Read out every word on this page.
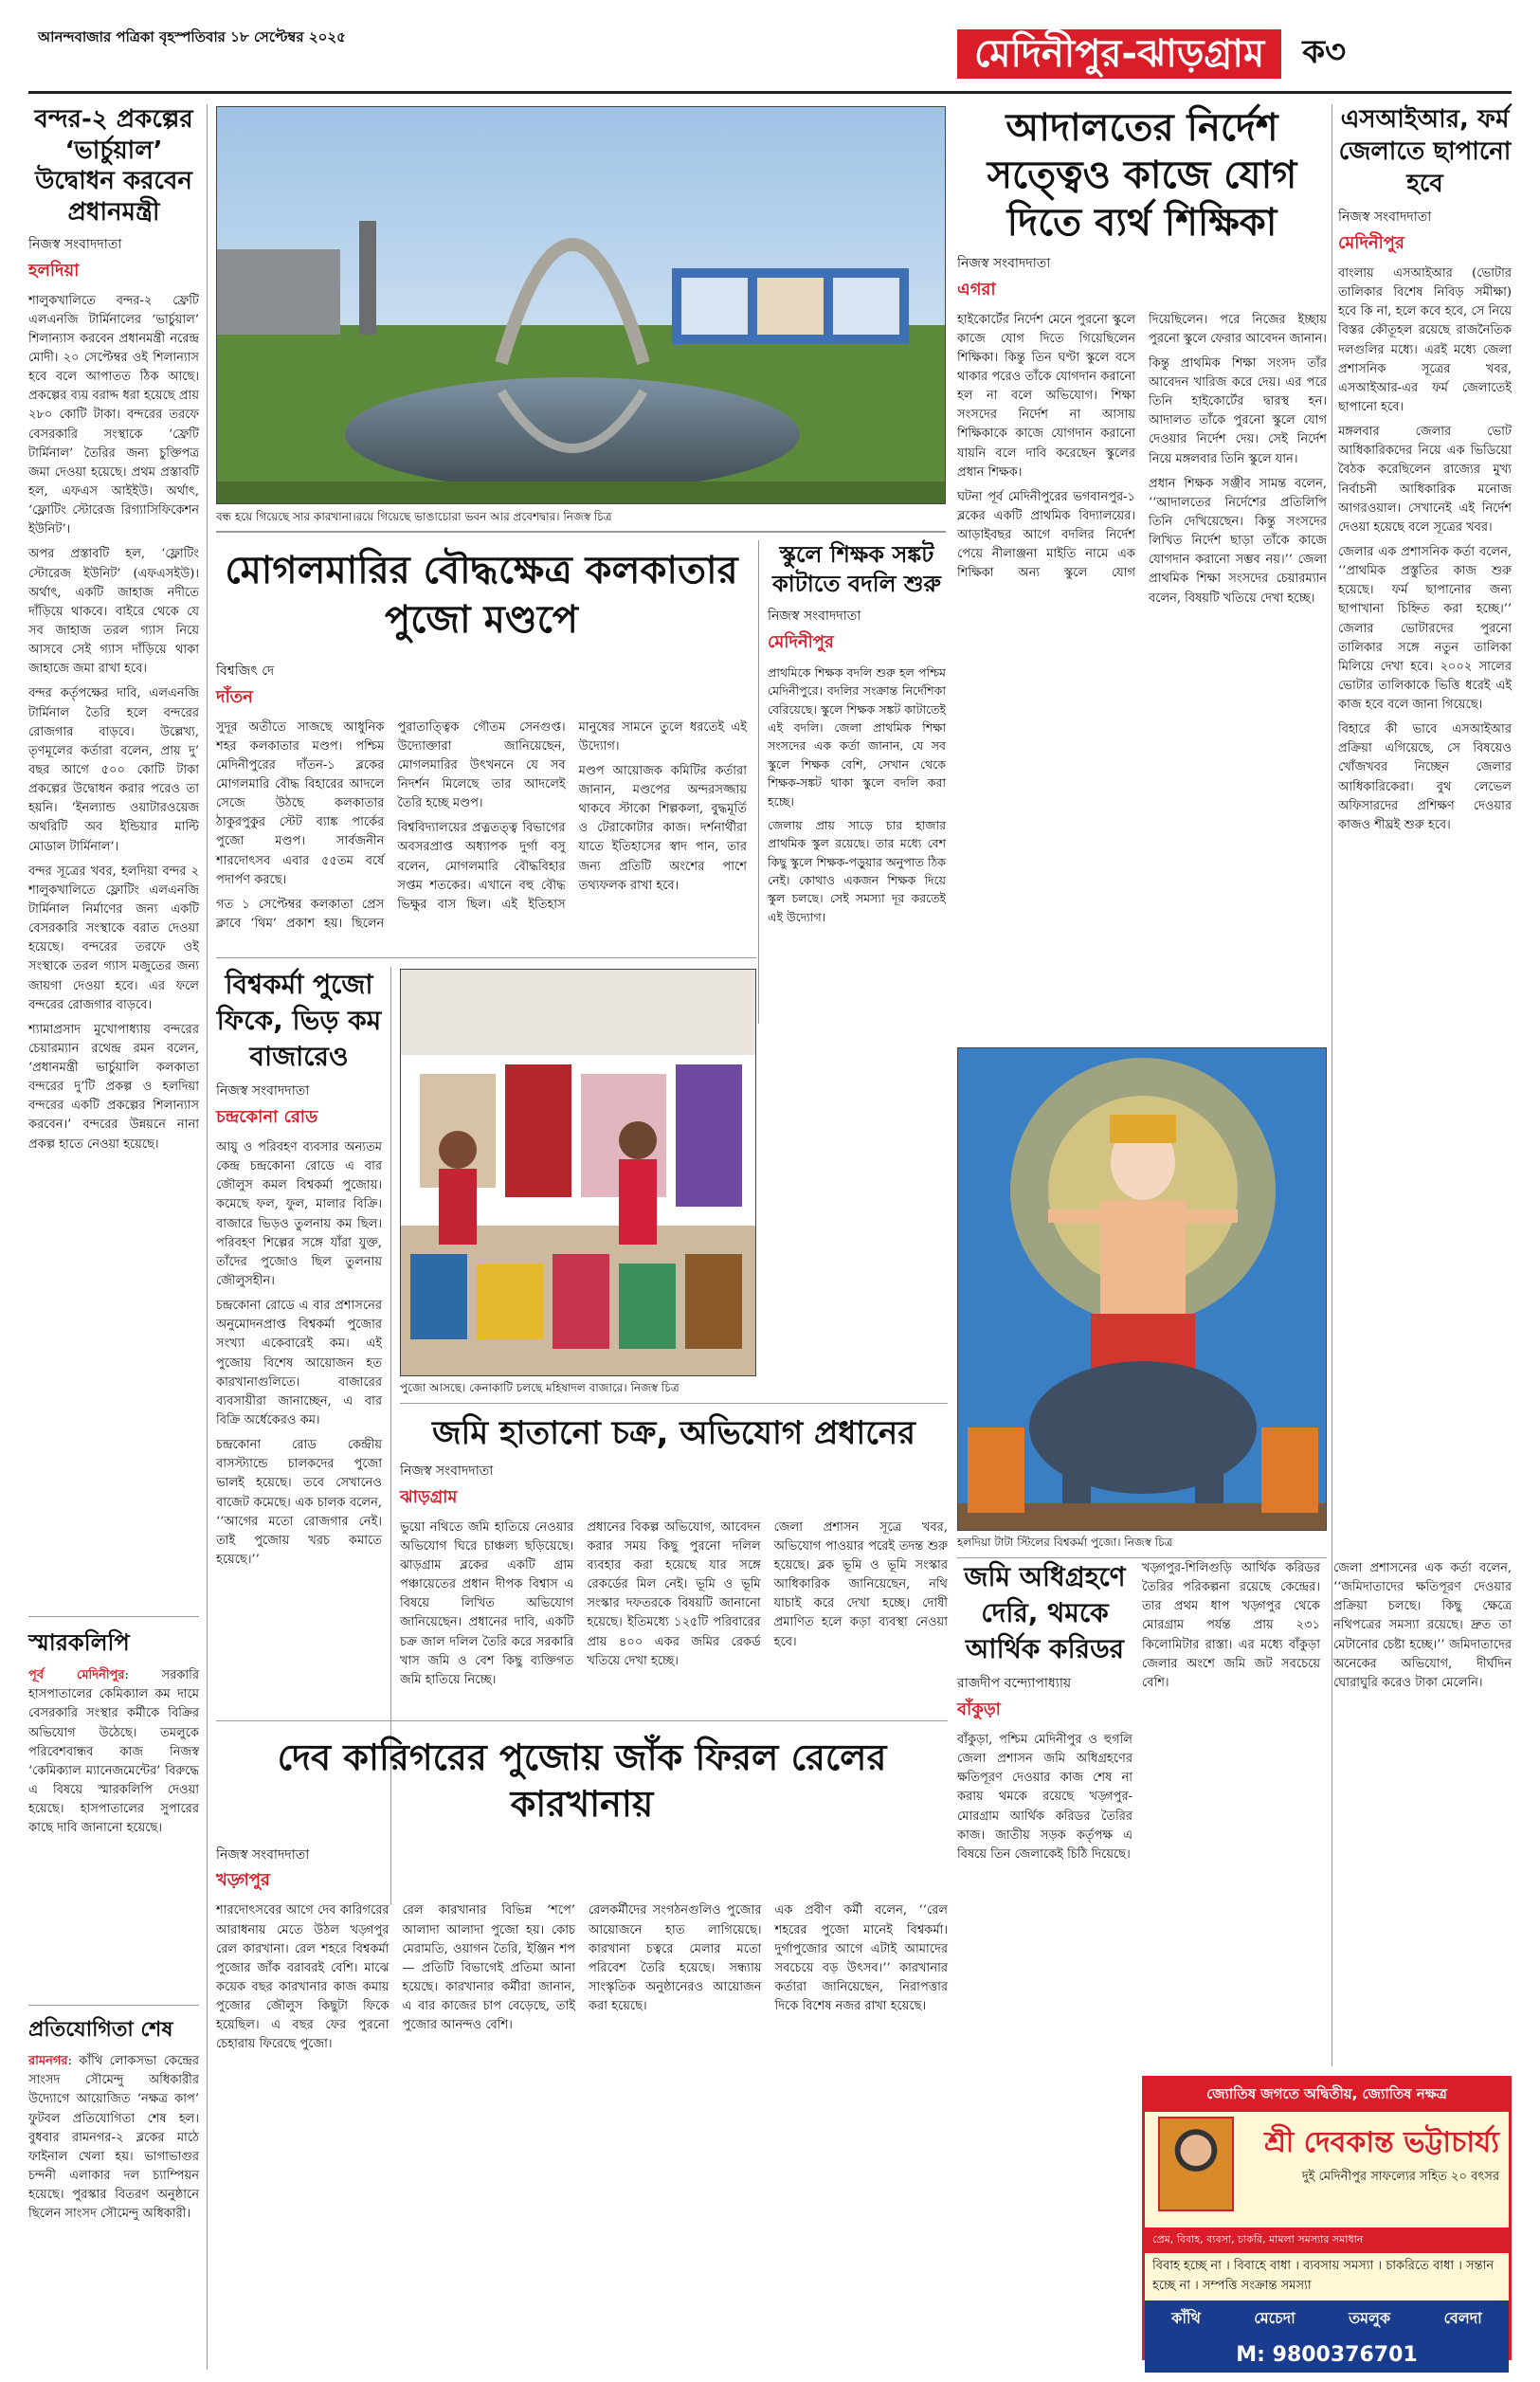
আনন্দবাজার পত্রিকা বৃহস্পতিবার ১৮ সেপ্টেম্বর ২০২৫	মেদিনীপুর-ঝাড়গ্রাম	ক৩
বন্দর-২ প্রকল্পের ‘ভার্চুয়াল’ উদ্বোধন করবেন প্রধানমন্ত্রী
নিজস্ব সংবাদদাতা
হলদিয়া

শালুকখালিতে বন্দর-২ ফ্রেটি এলএনজি টার্মিনালের ‘ভার্চুয়াল’ শিলান্যাস করবেন প্রধানমন্ত্রী নরেন্দ্র মোদী। ২০ সেপ্টেম্বর ওই শিলান্যাস হবে বলে আপাতত ঠিক আছে। প্রকল্পের ব্যয় বরাদ্দ ধরা হয়েছে প্রায় ২৮০ কোটি টাকা। বন্দরের তরফে বেসরকারি সংস্থাকে ‘ফ্রেটি টার্মিনাল’ তৈরির জন্য চুক্তিপত্র জমা দেওয়া হয়েছে। প্রথম প্রস্তাবটি হল, এফএস আইইউ। অর্থাৎ, ‘ফ্লোটিং স্টোরেজ রিগ্যাসিফিকেশন ইউনিট’।

অপর প্রস্তাবটি হল, ‘ফ্লোটিং স্টোরেজ ইউনিট’ (এফএসইউ)। অর্থাৎ, একটি জাহাজ নদীতে দাঁড়িয়ে থাকবে। বাইরে থেকে যে সব জাহাজ তরল গ্যাস নিয়ে আসবে সেই গ্যাস দাঁড়িয়ে থাকা জাহাজে জমা রাখা হবে।

বন্দর কর্তৃপক্ষের দাবি, এলএনজি টার্মিনাল তৈরি হলে বন্দরের রোজগার বাড়বে। উল্লেখ্য, তৃণমূলের কর্তারা বলেন, প্রায় দু’ বছর আগে ৫০০ কোটি টাকা প্রকল্পের উদ্বোধন করার পরেও তা হয়নি। ‘ইনল্যান্ড ওয়াটারওয়েজ অথরিটি অব ইন্ডিয়ার মাল্টি মোডাল টার্মিনাল’।

বন্দর সূত্রের খবর, হলদিয়া বন্দর ২ শালুকখালিতে ফ্লোটিং এলএনজি টার্মিনাল নির্মাণের জন্য একটি বেসরকারি সংস্থাকে বরাত দেওয়া হয়েছে। বন্দরের তরফে ওই সংস্থাকে তরল গ্যাস মজুতের জন্য জায়গা দেওয়া হবে। এর ফলে বন্দরের রোজগার বাড়বে।

শ্যামাপ্রসাদ মুখোপাধ্যায় বন্দরের চেয়ারম্যান রথেন্দ্র রমন বলেন, ‘প্রধানমন্ত্রী ভার্চুয়ালি কলকাতা বন্দরের দু’টি প্রকল্প ও হলদিয়া বন্দরের একটি প্রকল্পের শিলান্যাস করবেন।’ বন্দরের উন্নয়নে নানা প্রকল্প হাতে নেওয়া হয়েছে।

স্মারকলিপি

পূর্ব মেদিনীপুর: সরকারি হাসপাতালের কেমিক্যাল কম দামে বেসরকারি সংস্থার কর্মীকে বিক্রির অভিযোগ উঠেছে। তমলুকে পরিবেশবান্ধব কাজ নিজস্ব ‘কেমিক্যাল ম্যানেজমেন্টের’ বিরুদ্ধে এ বিষয়ে স্মারকলিপি দেওয়া হয়েছে। হাসপাতালের সুপারের কাছে দাবি জানানো হয়েছে।

প্রতিযোগিতা শেষ

রামনগর: কাঁথি লোকসভা কেন্দ্রের সাংসদ সৌমেন্দু অধিকারীর উদ্যোগে আয়োজিত ‘নক্ষত্র কাপ’ ফুটবল প্রতিযোগিতা শেষ হল। বুধবার রামনগর-২ ব্লকের মাঠে ফাইনাল খেলা হয়। ভাগাভাগুর চন্দনী এলাকার দল চ্যাম্পিয়ন হয়েছে। পুরস্কার বিতরণ অনুষ্ঠানে ছিলেন সাংসদ সৌমেন্দু অধিকারী।

বন্ধ হয়ে গিয়েছে সার কারখানা।রয়ে গিয়েছে ভাঙাচোরা ভবন আর প্রবেশদ্বার। নিজস্ব চিত্র
আদালতের নির্দেশ সত্ত্বেও কাজে যোগ দিতে ব্যর্থ শিক্ষিকা
নিজস্ব সংবাদদাতা
এগরা

হাইকোর্টের নির্দেশ মেনে পুরনো স্কুলে কাজে যোগ দিতে গিয়েছিলেন শিক্ষিকা। কিন্তু তিন ঘণ্টা স্কুলে বসে থাকার পরেও তাঁকে যোগদান করানো হল না বলে অভিযোগ। শিক্ষা সংসদের নির্দেশ না আসায় শিক্ষিকাকে কাজে যোগদান করানো যায়নি বলে দাবি করেছেন স্কুলের প্রধান শিক্ষক।

ঘটনা পূর্ব মেদিনীপুরের ভগবানপুর-১ ব্লকের একটি প্রাথমিক বিদ্যালয়ের। আড়াইবছর আগে বদলির নির্দেশ পেয়ে নীলাঞ্জনা মাইতি নামে এক শিক্ষিকা অন্য স্কুলে যোগ দিয়েছিলেন। পরে নিজের ইচ্ছায় পুরনো স্কুলে ফেরার আবেদন জানান।

কিন্তু প্রাথমিক শিক্ষা সংসদ তাঁর আবেদন খারিজ করে দেয়। এর পরে তিনি হাইকোর্টের দ্বারস্থ হন। আদালত তাঁকে পুরনো স্কুলে যোগ দেওয়ার নির্দেশ দেয়। সেই নির্দেশ নিয়ে মঙ্গলবার তিনি স্কুলে যান।

প্রধান শিক্ষক সঞ্জীব সামন্ত বলেন, ‘‘আদালতের নির্দেশের প্রতিলিপি তিনি দেখিয়েছেন। কিন্তু সংসদের লিখিত নির্দেশ ছাড়া তাঁকে কাজে যোগদান করানো সম্ভব নয়।’’ জেলা প্রাথমিক শিক্ষা সংসদের চেয়ারম্যান বলেন, বিষয়টি খতিয়ে দেখা হচ্ছে।

এসআইআর, ফর্ম জেলাতে ছাপানো হবে
নিজস্ব সংবাদদাতা
মেদিনীপুর

বাংলায় এসআইআর (ভোটার তালিকার বিশেষ নিবিড় সমীক্ষা) হবে কি না, হলে কবে হবে, সে নিয়ে বিস্তর কৌতূহল রয়েছে রাজনৈতিক দলগুলির মধ্যে। এরই মধ্যে জেলা প্রশাসনিক সূত্রের খবর, এসআইআর-এর ফর্ম জেলাতেই ছাপানো হবে।

মঙ্গলবার জেলার ভোট আধিকারিকদের নিয়ে এক ভিডিয়ো বৈঠক করেছিলেন রাজ্যের মুখ্য নির্বাচনী আধিকারিক মনোজ আগরওয়াল। সেখানেই এই নির্দেশ দেওয়া হয়েছে বলে সূত্রের খবর।

জেলার এক প্রশাসনিক কর্তা বলেন, ‘‘প্রাথমিক প্রস্তুতির কাজ শুরু হয়েছে। ফর্ম ছাপানোর জন্য ছাপাখানা চিহ্নিত করা হচ্ছে।’’ জেলার ভোটারদের পুরনো তালিকার সঙ্গে নতুন তালিকা মিলিয়ে দেখা হবে। ২০০২ সালের ভোটার তালিকাকে ভিত্তি ধরেই এই কাজ হবে বলে জানা গিয়েছে।

বিহারে কী ভাবে এসআইআর প্রক্রিয়া এগিয়েছে, সে বিষয়েও খোঁজখবর নিচ্ছেন জেলার আধিকারিকেরা। বুথ লেভেল অফিসারদের প্রশিক্ষণ দেওয়ার কাজও শীঘ্রই শুরু হবে।

মোগলমারির বৌদ্ধক্ষেত্র কলকাতার পুজো মণ্ডপে
বিশ্বজিৎ দে
দাঁতন

সুদূর অতীতে সাজছে আধুনিক শহর কলকাতার মণ্ডপ। পশ্চিম মেদিনীপুরের দাঁতন-১ ব্লকের মোগলমারি বৌদ্ধ বিহারের আদলে সেজে উঠছে কলকাতার ঠাকুরপুকুর স্টেট ব্যাঙ্ক পার্কের পুজো মণ্ডপ। সার্বজনীন শারদোৎসব এবার ৫৫তম বর্ষে পদার্পণ করছে।

গত ১ সেপ্টেম্বর কলকাতা প্রেস ক্লাবে ‘থিম’ প্রকাশ হয়। ছিলেন পুরাতাত্ত্বিক গৌতম সেনগুপ্ত। উদ্যোক্তারা জানিয়েছেন, মোগলমারির উৎখননে যে সব নিদর্শন মিলেছে তার আদলেই তৈরি হচ্ছে মণ্ডপ।

বিশ্ববিদ্যালয়ের প্রত্নতত্ত্ব বিভাগের অবসরপ্রাপ্ত অধ্যাপক দুর্গা বসু বলেন, মোগলমারি বৌদ্ধবিহার সপ্তম শতকের। এখানে বহু বৌদ্ধ ভিক্ষুর বাস ছিল। এই ইতিহাস মানুষের সামনে তুলে ধরতেই এই উদ্যোগ।

মণ্ডপ আয়োজক কমিটির কর্তারা জানান, মণ্ডপের অন্দরসজ্জায় থাকবে স্টাকো শিল্পকলা, বুদ্ধমূর্তি ও টেরাকোটার কাজ। দর্শনার্থীরা যাতে ইতিহাসের স্বাদ পান, তার জন্য প্রতিটি অংশের পাশে তথ্যফলক রাখা হবে।

স্কুলে শিক্ষক সঙ্কট কাটাতে বদলি শুরু
নিজস্ব সংবাদদাতা
মেদিনীপুর

প্রাথমিকে শিক্ষক বদলি শুরু হল পশ্চিম মেদিনীপুরে। বদলির সংক্রান্ত নির্দেশিকা বেরিয়েছে। স্কুলে শিক্ষক সঙ্কট কাটাতেই এই বদলি। জেলা প্রাথমিক শিক্ষা সংসদের এক কর্তা জানান, যে সব স্কুলে শিক্ষক বেশি, সেখান থেকে শিক্ষক-সঙ্কট থাকা স্কুলে বদলি করা হচ্ছে।

জেলায় প্রায় সাড়ে চার হাজার প্রাথমিক স্কুল রয়েছে। তার মধ্যে বেশ কিছু স্কুলে শিক্ষক-পড়ুয়ার অনুপাত ঠিক নেই। কোথাও একজন শিক্ষক দিয়ে স্কুল চলছে। সেই সমস্যা দূর করতেই এই উদ্যোগ।

বিশ্বকর্মা পুজো ফিকে, ভিড় কম বাজারেও
নিজস্ব সংবাদদাতা
চন্দ্রকোনা রোড

আয়ু ও পরিবহণ ব্যবসার অন্যতম কেন্দ্র চন্দ্রকোনা রোডে এ বার জৌলুস কমল বিশ্বকর্মা পুজোয়। কমেছে ফল, ফুল, মালার বিক্রি। বাজারে ভিড়ও তুলনায় কম ছিল। পরিবহণ শিল্পের সঙ্গে যাঁরা যুক্ত, তাঁদের পুজোও ছিল তুলনায় জৌলুসহীন।

চন্দ্রকোনা রোডে এ বার প্রশাসনের অনুমোদনপ্রাপ্ত বিশ্বকর্মা পুজোর সংখ্যা একেবারেই কম। এই পুজোয় বিশেষ আয়োজন হত কারখানাগুলিতে। বাজারের ব্যবসায়ীরা জানাচ্ছেন, এ বার বিক্রি অর্ধেকেরও কম।

চন্দ্রকোনা রোড কেন্দ্রীয় বাসস্ট্যান্ডে চালকদের পুজো ভালই হয়েছে। তবে সেখানেও বাজেট কমেছে। এক চালক বলেন, ‘‘আগের মতো রোজগার নেই। তাই পুজোয় খরচ কমাতে হয়েছে।’’

পুজো আসছে। কেনাকাটি চলছে মহিষাদল বাজারে। নিজস্ব চিত্র
জমি হাতানো চক্র, অভিযোগ প্রধানের
নিজস্ব সংবাদদাতা
ঝাড়গ্রাম

ভুয়ো নথিতে জমি হাতিয়ে নেওয়ার অভিযোগ ঘিরে চাঞ্চল্য ছড়িয়েছে। ঝাড়গ্রাম ব্লকের একটি গ্রাম পঞ্চায়েতের প্রধান দীপক বিশ্বাস এ বিষয়ে লিখিত অভিযোগ জানিয়েছেন। প্রধানের দাবি, একটি চক্র জাল দলিল তৈরি করে সরকারি খাস জমি ও বেশ কিছু ব্যক্তিগত জমি হাতিয়ে নিচ্ছে।

প্রধানের বিকল্প অভিযোগ, আবেদন করার সময় কিছু পুরনো দলিল ব্যবহার করা হয়েছে যার সঙ্গে রেকর্ডের মিল নেই। ভূমি ও ভূমি সংস্কার দফতরকে বিষয়টি জানানো হয়েছে। ইতিমধ্যে ১২৫টি পরিবারের প্রায় ৪০০ একর জমির রেকর্ড খতিয়ে দেখা হচ্ছে।

জেলা প্রশাসন সূত্রে খবর, অভিযোগ পাওয়ার পরেই তদন্ত শুরু হয়েছে। ব্লক ভূমি ও ভূমি সংস্কার আধিকারিক জানিয়েছেন, নথি যাচাই করে দেখা হচ্ছে। দোষী প্রমাণিত হলে কড়া ব্যবস্থা নেওয়া হবে।

হলদিয়া টাটা স্টিলের বিশ্বকর্মা পুজো। নিজস্ব চিত্র
জমি অধিগ্রহণে দেরি, থমকে আর্থিক করিডর
রাজদীপ বন্দ্যোপাধ্যায়
বাঁকুড়া

বাঁকুড়া, পশ্চিম মেদিনীপুর ও হুগলি জেলা প্রশাসন জমি অধিগ্রহণের ক্ষতিপূরণ দেওয়ার কাজ শেষ না করায় থমকে রয়েছে খড়্গপুর-মোরগ্রাম আর্থিক করিডর তৈরির কাজ। জাতীয় সড়ক কর্তৃপক্ষ এ বিষয়ে তিন জেলাকেই চিঠি দিয়েছে।

খড়্গপুর-শিলিগুড়ি আর্থিক করিডর তৈরির পরিকল্পনা রয়েছে কেন্দ্রের। তার প্রথম ধাপ খড়্গপুর থেকে মোরগ্রাম পর্যন্ত প্রায় ২৩১ কিলোমিটার রাস্তা। এর মধ্যে বাঁকুড়া জেলার অংশে জমি জট সবচেয়ে বেশি।

জেলা প্রশাসনের এক কর্তা বলেন, ‘‘জমিদাতাদের ক্ষতিপূরণ দেওয়ার প্রক্রিয়া চলছে। কিছু ক্ষেত্রে নথিপত্রের সমস্যা রয়েছে। দ্রুত তা মেটানোর চেষ্টা হচ্ছে।’’ জমিদাতাদের অনেকের অভিযোগ, দীর্ঘদিন ঘোরাঘুরি করেও টাকা মেলেনি।

দেব কারিগরের পুজোয় জাঁক ফিরল রেলের কারখানায়
নিজস্ব সংবাদদাতা
খড়্গপুর

শারদোৎসবের আগে দেব কারিগরের আরাধনায় মেতে উঠল খড়্গপুর রেল কারখানা। রেল শহরে বিশ্বকর্মা পুজোর জাঁক বরাবরই বেশি। মাঝে কয়েক বছর কারখানার কাজ কমায় পুজোর জৌলুস কিছুটা ফিকে হয়েছিল। এ বছর ফের পুরনো চেহারায় ফিরেছে পুজো।

রেল কারখানার বিভিন্ন ‘শপে’ আলাদা আলাদা পুজো হয়। কোচ মেরামতি, ওয়াগন তৈরি, ইঞ্জিন শপ— প্রতিটি বিভাগেই প্রতিমা আনা হয়েছে। কারখানার কর্মীরা জানান, এ বার কাজের চাপ বেড়েছে, তাই পুজোর আনন্দও বেশি।

রেলকর্মীদের সংগঠনগুলিও পুজোর আয়োজনে হাত লাগিয়েছে। কারখানা চত্বরে মেলার মতো পরিবেশ তৈরি হয়েছে। সন্ধ্যায় সাংস্কৃতিক অনুষ্ঠানেরও আয়োজন করা হয়েছে।

এক প্রবীণ কর্মী বলেন, ‘‘রেল শহরের পুজো মানেই বিশ্বকর্মা। দুর্গাপুজোর আগে এটাই আমাদের সবচেয়ে বড় উৎসব।’’ কারখানার কর্তারা জানিয়েছেন, নিরাপত্তার দিকে বিশেষ নজর রাখা হয়েছে।

জ্যোতিষ জগতে অদ্বিতীয়, জ্যোতিষ নক্ষত্র
শ্রী দেবকান্ত ভট্টাচার্য্য
দুই মেদিনীপুর সাফল্যের সহিত ২০ বৎসর
প্রেম, বিবাহ, ব্যবসা, চাকরি, মামলা সমস্যার সমাধান
বিবাহ হচ্ছে না । বিবাহে বাধা । ব্যবসায় সমস্যা । চাকরিতে বাধা । সন্তান হচ্ছে না । সম্পত্তি সংক্রান্ত সমস্যা
কাঁথি	মেচেদা	তমলুক	বেলদা
M: 9800376701
